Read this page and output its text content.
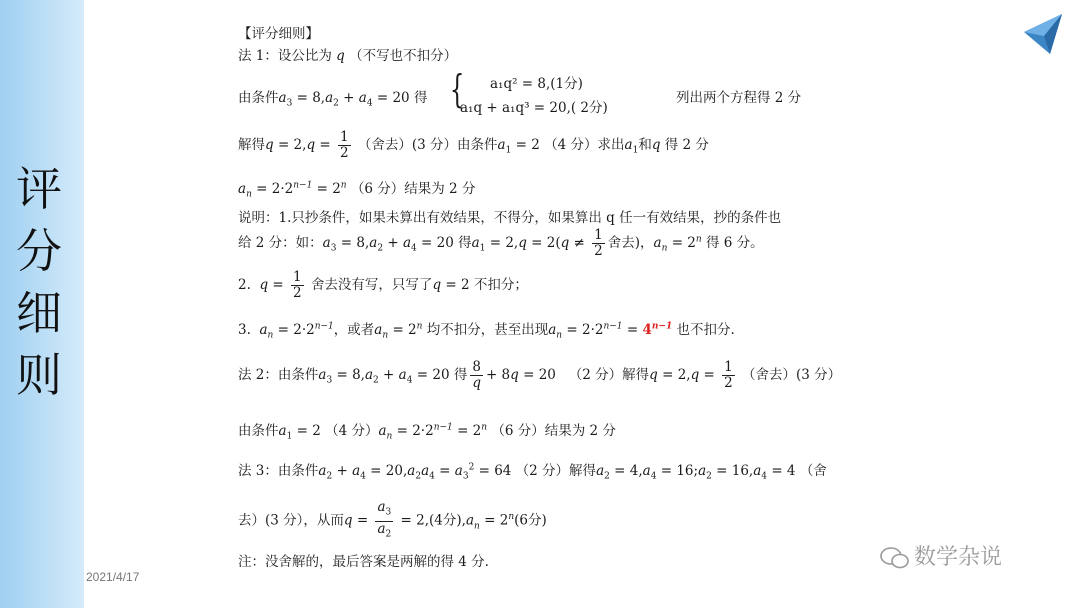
评
分
细
则
2021/4/17
【评分细则】
法 1：设公比为 q （不写也不扣分）
由条件$a_3 = 8,a_2 + a_4 = 20$ 得 { a₁q² = 8,(1分)
a₁q + a₁q³ = 20,( 2分)
列出两个方程得 2 分
解得$q = 2,q = \frac{1}{2}$ （舍去）(3 分）由条件$a_1 = 2$ （4 分）求出$a_1$和q 得 2 分
$a_n = 2\cdot 2^{n-1} = 2^n$ （6 分）结果为 2 分
说明：1.只抄条件，如果未算出有效结果，不得分，如果算出 q 任一有效结果，抄的条件也
给 2 分：如：$a_3 = 8,a_2 + a_4 = 20$ 得$a_1 = 2,q = 2(q \ne \frac{1}{2}$ 舍去)，$a_n = 2^n$ 得 6 分。
2. $q = \frac{1}{2}$ 舍去没有写，只写了q = 2 不扣分；
3. $a_n = 2\cdot 2^{n-1}$，或者$a_n = 2^n$ 均不扣分，甚至出现$a_n = 2\cdot 2^{n-1} = 4^{n-1}$ 也不扣分.
法 2：由条件$a_3 = 8,a_2 + a_4 = 20$ 得 $\frac{8}{q} + 8q = 20$   （2 分）解得$q = 2,q = \frac{1}{2}$ （舍去）(3 分）
由条件$a_1 = 2$ （4 分）$a_n = 2\cdot 2^{n-1} = 2^n$ （6 分）结果为 2 分
法 3：由条件$a_2 + a_4 = 20,a_2a_4 = a_3^2 = 64$ （2 分）解得$a_2 = 4,a_4$ = $16;a_2 = 16,a_4 = 4$ （舍
去）(3 分），从而$q = \frac{a_3}{a_2} = 2,(4$分)$,a_n = 2^n(6$分)
注：没舍解的，最后答案是两解的得 4 分.	数学杂说
